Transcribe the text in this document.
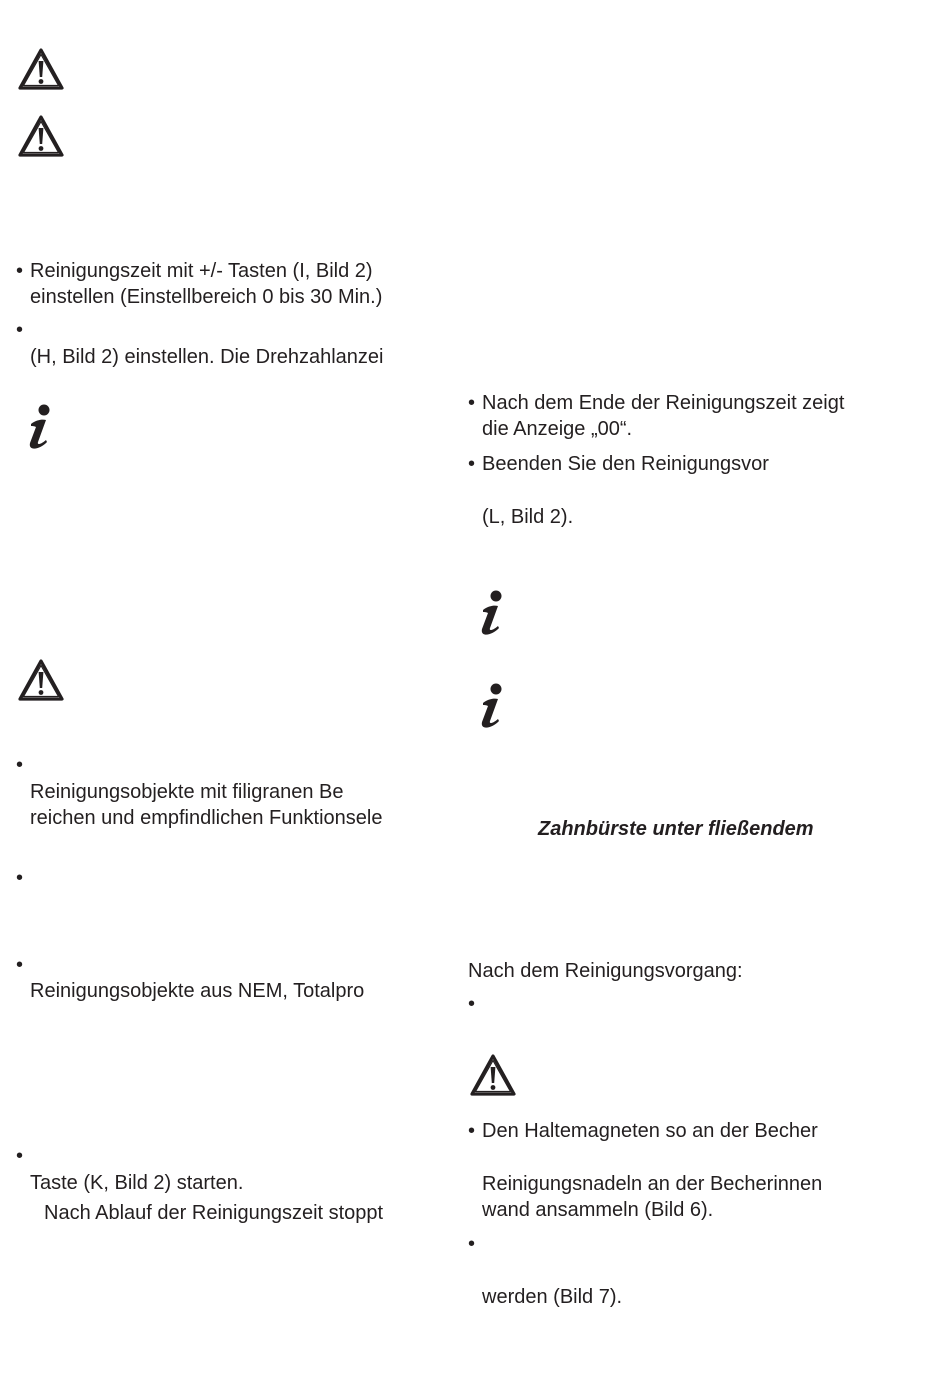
• Reinigungszeit mit +/- Tasten (I, Bild 2)
einstellen (Einstellbereich 0 bis 30 Min.)
•
(H, Bild 2) einstellen. Die Drehzahlanzei
•
Reinigungsobjekte mit filigranen Be
reichen und empfindlichen Funktionsele
•
•
Reinigungsobjekte aus NEM, Totalpro
•
Taste (K, Bild 2) starten.
Nach Ablauf der Reinigungszeit stoppt
• Nach dem Ende der Reinigungszeit zeigt
die Anzeige „00“.
• Beenden Sie den Reinigungsvor
(L, Bild 2).
Zahnbürste unter fließendem
Nach dem Reinigungsvorgang:
•
• Den Haltemagneten so an der Becher
Reinigungsnadeln an der Becherinnen
wand ansammeln (Bild 6).
•
werden (Bild 7).
